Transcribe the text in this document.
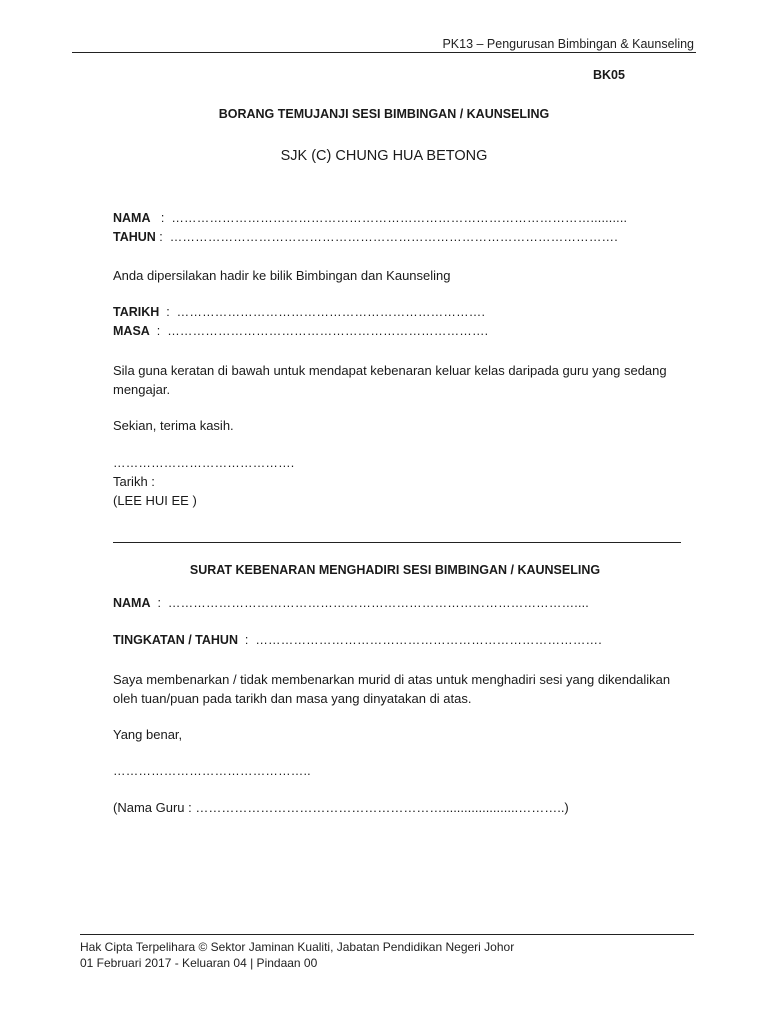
PK13 – Pengurusan Bimbingan & Kaunseling
BK05
BORANG TEMUJANJI SESI BIMBINGAN / KAUNSELING
SJK (C) CHUNG HUA BETONG
NAMA   :  ………………………………………………………………………………………..........
TAHUN :  …………………………………………………………………………………………….
Anda dipersilakan hadir ke bilik Bimbingan dan Kaunseling
TARIKH  :  ……………………………………………………………….
MASA  :  ………………………………………………………………….
Sila guna keratan di bawah untuk mendapat kebenaran keluar kelas daripada guru yang sedang mengajar.
Sekian, terima kasih.
…………………………………….
Tarikh :
(LEE HUI EE )
SURAT KEBENARAN MENGHADIRI SESI BIMBINGAN / KAUNSELING
NAMA  :  ……………………………………………………………………………………....
TINGKATAN / TAHUN  :  ……………………………………………………………………….
Saya membenarkan / tidak membenarkan murid di atas untuk menghadiri sesi yang dikendalikan oleh tuan/puan pada tarikh dan masa yang dinyatakan di atas.
Yang benar,
………………………………………..
(Nama Guru : ………………………………………………….....................………..)
Hak Cipta Terpelihara © Sektor Jaminan Kualiti, Jabatan Pendidikan Negeri Johor
01 Februari 2017 - Keluaran 04 | Pindaan 00
